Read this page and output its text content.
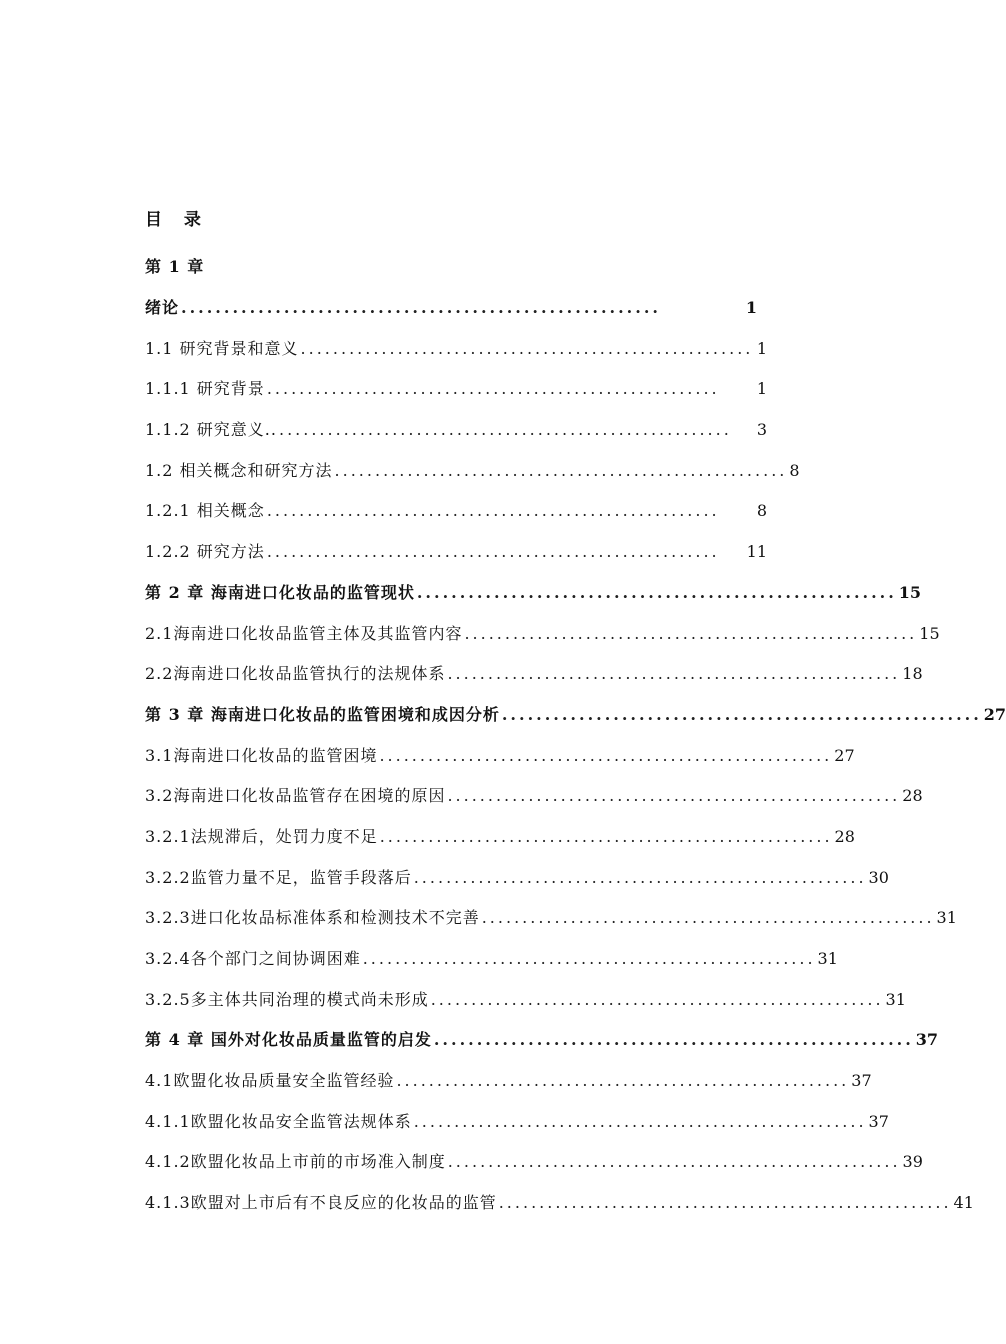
目 录
第 1 章
绪论 ........................................................	1
1.1 研究背景和意义 ........................................................ 1
1.1.1 研究背景 ........................................................	1
1.1.2 研究意义.. ........................................................	3
1.2 相关概念和研究方法 ........................................................ 8
1.2.1 相关概念 ........................................................	8
1.2.2 研究方法 ........................................................	11
第 2 章 海南进口化妆品的监管现状 ........................................................ 15
2.1海南进口化妆品监管主体及其监管内容 ........................................................ 15
2.2海南进口化妆品监管执行的法规体系 ........................................................ 18
第 3 章 海南进口化妆品的监管困境和成因分析 ........................................................ 27
3.1海南进口化妆品的监管困境 ........................................................ 27
3.2海南进口化妆品监管存在困境的原因 ........................................................ 28
3.2.1法规滞后，处罚力度不足 ........................................................ 28
3.2.2监管力量不足，监管手段落后 ........................................................ 30
3.2.3进口化妆品标准体系和检测技术不完善 ........................................................ 31
3.2.4各个部门之间协调困难 ........................................................ 31
3.2.5多主体共同治理的模式尚未形成 ........................................................ 31
第 4 章 国外对化妆品质量监管的启发 ........................................................ 37
4.1欧盟化妆品质量安全监管经验 ........................................................ 37
4.1.1欧盟化妆品安全监管法规体系 ........................................................ 37
4.1.2欧盟化妆品上市前的市场准入制度 ........................................................ 39
4.1.3欧盟对上市后有不良反应的化妆品的监管 ........................................................ 41
